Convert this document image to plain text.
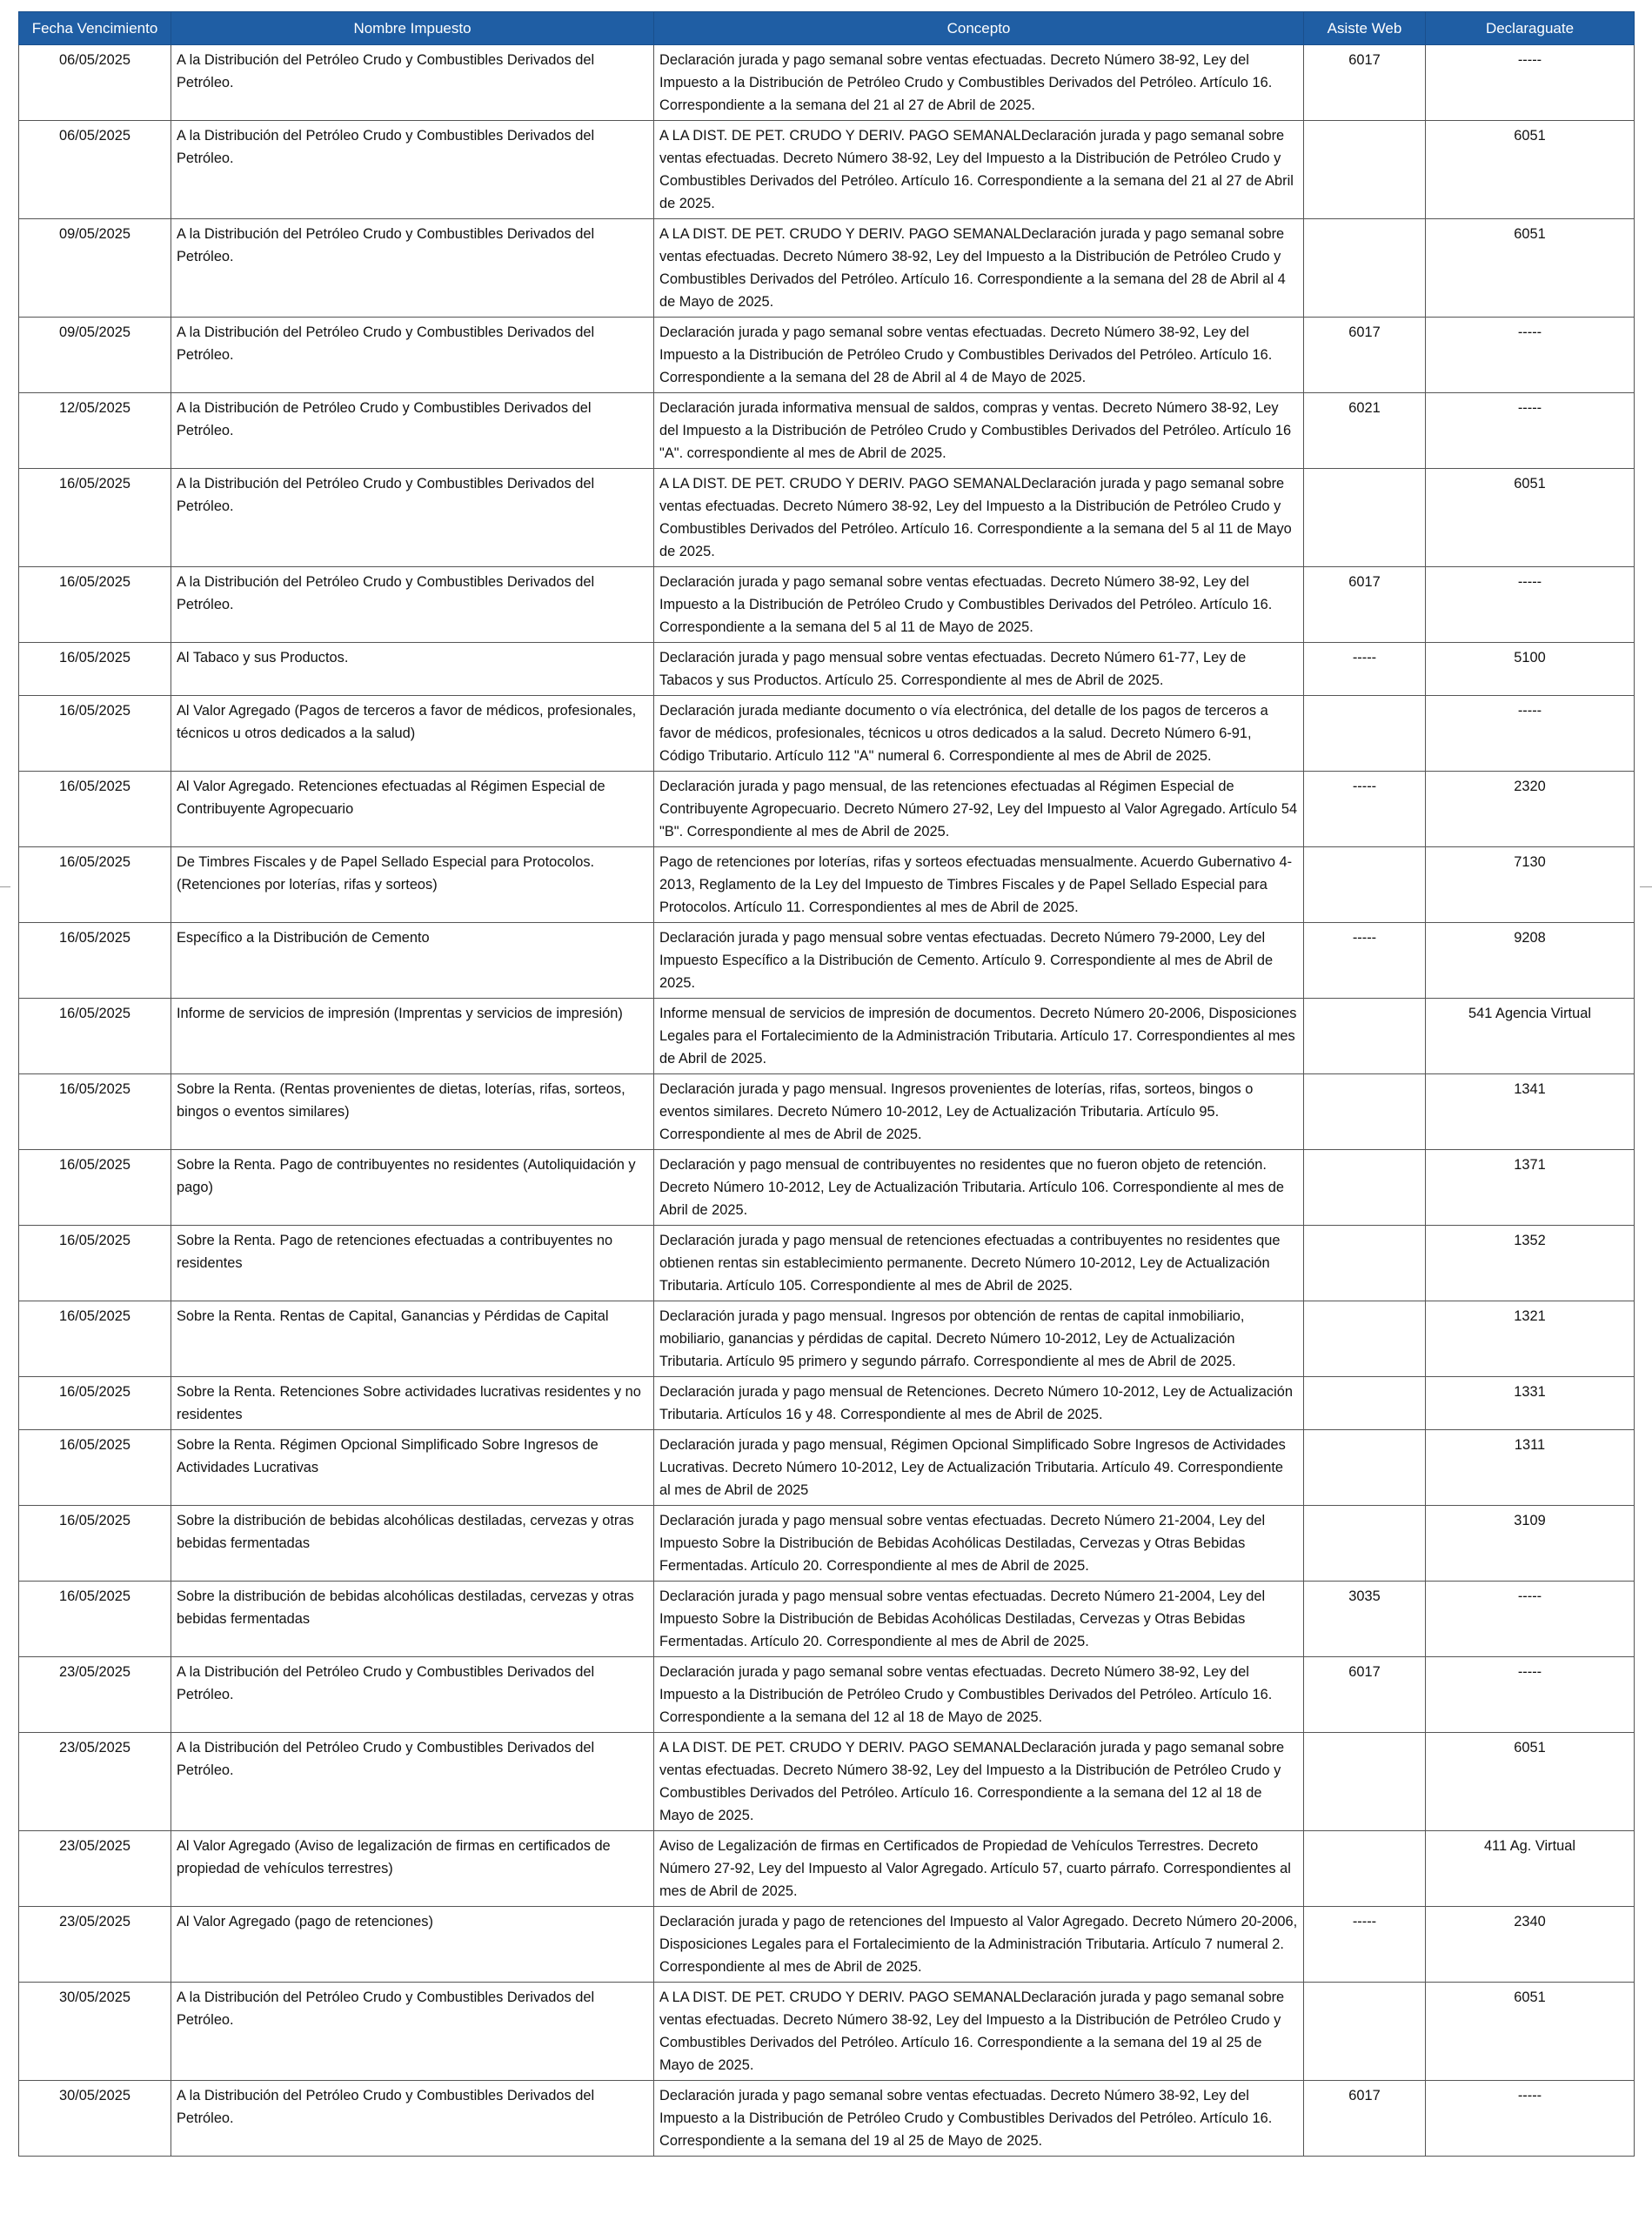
Fecha Vencimiento	Nombre Impuesto	Concepto	Asiste Web	Declaraguate
06/05/2025	A la Distribución del Petróleo Crudo y Combustibles Derivados del Petróleo.	Declaración jurada y pago semanal sobre ventas efectuadas. Decreto Número 38-92, Ley del Impuesto a la Distribución de Petróleo Crudo y Combustibles Derivados del Petróleo. Artículo 16. Correspondiente a la semana del 21 al 27 de Abril de 2025.	6017	-----
06/05/2025	A la Distribución del Petróleo Crudo y Combustibles Derivados del Petróleo.	A LA DIST. DE PET. CRUDO Y DERIV. PAGO SEMANALDeclaración jurada y pago semanal sobre ventas efectuadas. Decreto Número 38-92, Ley del Impuesto a la Distribución de Petróleo Crudo y Combustibles Derivados del Petróleo. Artículo 16. Correspondiente a la semana del 21 al 27 de Abril de 2025.		6051
09/05/2025	A la Distribución del Petróleo Crudo y Combustibles Derivados del Petróleo.	A LA DIST. DE PET. CRUDO Y DERIV. PAGO SEMANALDeclaración jurada y pago semanal sobre ventas efectuadas. Decreto Número 38-92, Ley del Impuesto a la Distribución de Petróleo Crudo y Combustibles Derivados del Petróleo. Artículo 16. Correspondiente a la semana del 28 de Abril al 4 de Mayo de 2025.		6051
09/05/2025	A la Distribución del Petróleo Crudo y Combustibles Derivados del Petróleo.	Declaración jurada y pago semanal sobre ventas efectuadas. Decreto Número 38-92, Ley del Impuesto a la Distribución de Petróleo Crudo y Combustibles Derivados del Petróleo. Artículo 16. Correspondiente a la semana del 28 de Abril al 4 de Mayo de 2025.	6017	-----
12/05/2025	A la Distribución de Petróleo Crudo y Combustibles Derivados del Petróleo.	Declaración jurada informativa mensual de saldos, compras y ventas. Decreto Número 38-92, Ley del Impuesto a la Distribución de Petróleo Crudo y Combustibles Derivados del Petróleo. Artículo 16 "A". correspondiente al mes de Abril de 2025.	6021	-----
16/05/2025	A la Distribución del Petróleo Crudo y Combustibles Derivados del Petróleo.	A LA DIST. DE PET. CRUDO Y DERIV. PAGO SEMANALDeclaración jurada y pago semanal sobre ventas efectuadas. Decreto Número 38-92, Ley del Impuesto a la Distribución de Petróleo Crudo y Combustibles Derivados del Petróleo. Artículo 16. Correspondiente a la semana del 5 al 11 de Mayo de 2025.		6051
16/05/2025	A la Distribución del Petróleo Crudo y Combustibles Derivados del Petróleo.	Declaración jurada y pago semanal sobre ventas efectuadas. Decreto Número 38-92, Ley del Impuesto a la Distribución de Petróleo Crudo y Combustibles Derivados del Petróleo. Artículo 16. Correspondiente a la semana del 5 al 11 de Mayo de 2025.	6017	-----
16/05/2025	Al Tabaco y sus Productos.	Declaración jurada y pago mensual sobre ventas efectuadas. Decreto Número 61-77, Ley de Tabacos y sus Productos. Artículo 25. Correspondiente al mes de Abril de 2025.	-----	5100
16/05/2025	Al Valor Agregado (Pagos de terceros a favor de médicos, profesionales, técnicos u otros dedicados a la salud)	Declaración jurada mediante documento o vía electrónica, del detalle de los pagos de terceros a favor de médicos, profesionales, técnicos u otros dedicados a la salud. Decreto Número 6-91, Código Tributario. Artículo 112 "A" numeral 6. Correspondiente al mes de Abril de 2025.		-----
16/05/2025	Al Valor Agregado. Retenciones efectuadas al Régimen Especial de Contribuyente Agropecuario	Declaración jurada y pago mensual, de las retenciones efectuadas al Régimen Especial de Contribuyente Agropecuario. Decreto Número 27-92, Ley del Impuesto al Valor Agregado. Artículo 54 "B". Correspondiente al mes de Abril de 2025.	-----	2320
16/05/2025	De Timbres Fiscales y de Papel Sellado Especial para Protocolos. (Retenciones por loterías, rifas y sorteos)	Pago de retenciones por loterías, rifas y sorteos efectuadas mensualmente. Acuerdo Gubernativo 4-2013, Reglamento de la Ley del Impuesto de Timbres Fiscales y de Papel Sellado Especial para Protocolos. Artículo 11. Correspondientes al mes de Abril de 2025.		7130
16/05/2025	Específico a la Distribución de Cemento	Declaración jurada y pago mensual sobre ventas efectuadas. Decreto Número 79-2000, Ley del Impuesto Específico a la Distribución de Cemento. Artículo 9. Correspondiente al mes de Abril de 2025.	-----	9208
16/05/2025	Informe de servicios de impresión (Imprentas y servicios de impresión)	Informe mensual de servicios de impresión de documentos. Decreto Número 20-2006, Disposiciones Legales para el Fortalecimiento de la Administración Tributaria. Artículo 17. Correspondientes al mes de Abril de 2025.		541 Agencia Virtual
16/05/2025	Sobre la Renta. (Rentas provenientes de dietas, loterías, rifas, sorteos, bingos o eventos similares)	Declaración jurada y pago mensual. Ingresos provenientes de loterías, rifas, sorteos, bingos o eventos similares. Decreto Número 10-2012, Ley de Actualización Tributaria. Artículo 95. Correspondiente al mes de Abril de 2025.		1341
16/05/2025	Sobre la Renta. Pago de contribuyentes no residentes (Autoliquidación y pago)	Declaración y pago mensual de contribuyentes no residentes que no fueron objeto de retención. Decreto Número 10-2012, Ley de Actualización Tributaria. Artículo 106. Correspondiente al mes de Abril de 2025.		1371
16/05/2025	Sobre la Renta. Pago de retenciones efectuadas a contribuyentes no residentes	Declaración jurada y pago mensual de retenciones efectuadas a contribuyentes no residentes que obtienen rentas sin establecimiento permanente. Decreto Número 10-2012, Ley de Actualización Tributaria. Artículo 105. Correspondiente al mes de Abril de 2025.		1352
16/05/2025	Sobre la Renta. Rentas de Capital, Ganancias y Pérdidas de Capital	Declaración jurada y pago mensual. Ingresos por obtención de rentas de capital inmobiliario, mobiliario, ganancias y pérdidas de capital. Decreto Número 10-2012, Ley de Actualización Tributaria. Artículo 95 primero y segundo párrafo. Correspondiente al mes de Abril de 2025.		1321
16/05/2025	Sobre la Renta. Retenciones Sobre actividades lucrativas residentes y no residentes	Declaración jurada y pago mensual de Retenciones. Decreto Número 10-2012, Ley de Actualización Tributaria. Artículos 16 y 48. Correspondiente al mes de Abril de 2025.		1331
16/05/2025	Sobre la Renta. Régimen Opcional Simplificado Sobre Ingresos de Actividades Lucrativas	Declaración jurada y pago mensual, Régimen Opcional Simplificado Sobre Ingresos de Actividades Lucrativas. Decreto Número 10-2012, Ley de Actualización Tributaria. Artículo 49. Correspondiente al mes de Abril de 2025		1311
16/05/2025	Sobre la distribución de bebidas alcohólicas destiladas, cervezas y otras bebidas fermentadas	Declaración jurada y pago mensual sobre ventas efectuadas. Decreto Número 21-2004, Ley del Impuesto Sobre la Distribución de Bebidas Acohólicas Destiladas, Cervezas y Otras Bebidas Fermentadas. Artículo 20. Correspondiente al mes de Abril de 2025.		3109
16/05/2025	Sobre la distribución de bebidas alcohólicas destiladas, cervezas y otras bebidas fermentadas	Declaración jurada y pago mensual sobre ventas efectuadas. Decreto Número 21-2004, Ley del Impuesto Sobre la Distribución de Bebidas Acohólicas Destiladas, Cervezas y Otras Bebidas Fermentadas. Artículo 20. Correspondiente al mes de Abril de 2025.	3035	-----
23/05/2025	A la Distribución del Petróleo Crudo y Combustibles Derivados del Petróleo.	Declaración jurada y pago semanal sobre ventas efectuadas. Decreto Número 38-92, Ley del Impuesto a la Distribución de Petróleo Crudo y Combustibles Derivados del Petróleo. Artículo 16. Correspondiente a la semana del 12 al 18 de Mayo de 2025.	6017	-----
23/05/2025	A la Distribución del Petróleo Crudo y Combustibles Derivados del Petróleo.	A LA DIST. DE PET. CRUDO Y DERIV. PAGO SEMANALDeclaración jurada y pago semanal sobre ventas efectuadas. Decreto Número 38-92, Ley del Impuesto a la Distribución de Petróleo Crudo y Combustibles Derivados del Petróleo. Artículo 16. Correspondiente a la semana del 12 al 18 de Mayo de 2025.		6051
23/05/2025	Al Valor Agregado (Aviso de legalización de firmas en certificados de propiedad de vehículos terrestres)	Aviso de Legalización de firmas en Certificados de Propiedad de Vehículos Terrestres. Decreto Número 27-92, Ley del Impuesto al Valor Agregado. Artículo 57, cuarto párrafo. Correspondientes al mes de Abril de 2025.		411 Ag. Virtual
23/05/2025	Al Valor Agregado (pago de retenciones)	Declaración jurada y pago de retenciones del Impuesto al Valor Agregado. Decreto Número 20-2006, Disposiciones Legales para el Fortalecimiento de la Administración Tributaria. Artículo 7 numeral 2. Correspondiente al mes de Abril de 2025.	-----	2340
30/05/2025	A la Distribución del Petróleo Crudo y Combustibles Derivados del Petróleo.	A LA DIST. DE PET. CRUDO Y DERIV. PAGO SEMANALDeclaración jurada y pago semanal sobre ventas efectuadas. Decreto Número 38-92, Ley del Impuesto a la Distribución de Petróleo Crudo y Combustibles Derivados del Petróleo. Artículo 16. Correspondiente a la semana del 19 al 25 de Mayo de 2025.		6051
30/05/2025	A la Distribución del Petróleo Crudo y Combustibles Derivados del Petróleo.	Declaración jurada y pago semanal sobre ventas efectuadas. Decreto Número 38-92, Ley del Impuesto a la Distribución de Petróleo Crudo y Combustibles Derivados del Petróleo. Artículo 16. Correspondiente a la semana del 19 al 25 de Mayo de 2025.	6017	-----
